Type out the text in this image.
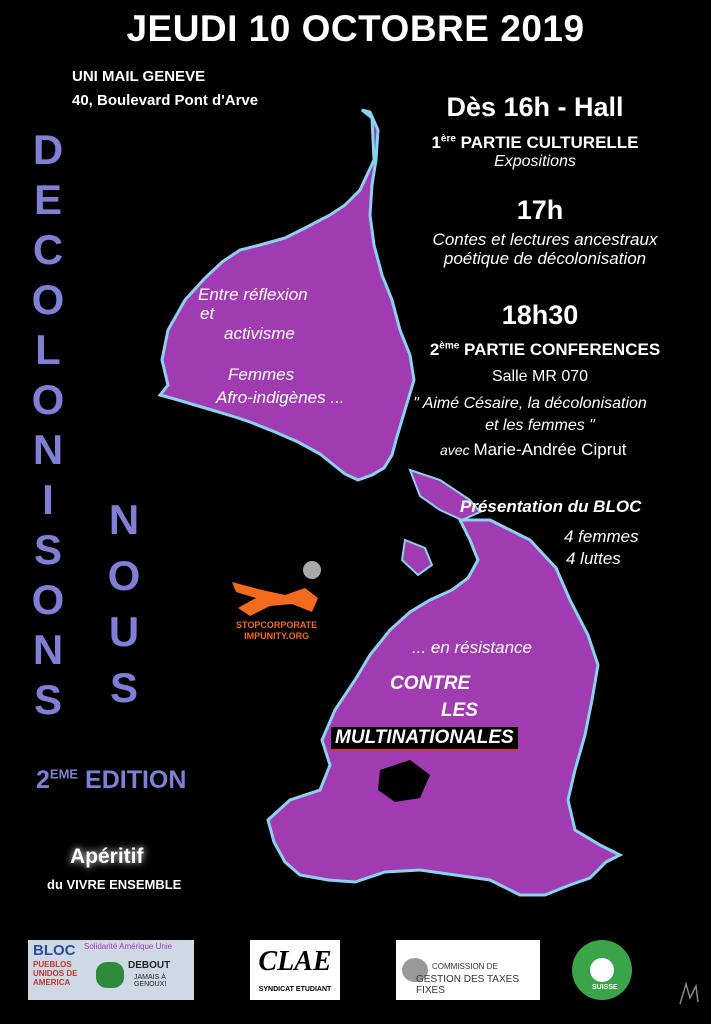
JEUDI 10 OCTOBRE 2019
UNI MAIL GENEVE
40, Boulevard Pont d'Arve
D
E
C
O
L
O
N
I
S
O
N
S
N
O
U
S
2EME EDITION
Dès 16h - Hall
1ère PARTIE CULTURELLE
Expositions
17h
Contes et lectures ancestraux
poétique de décolonisation
18h30
2ème PARTIE CONFERENCES
Salle MR 070
" Aimé Césaire, la décolonisation
et les femmes "
avec Marie-Andrée Ciprut
Présentation du BLOC
4 femmes
4 luttes
Entre réflexion
et
activisme
Femmes
Afro-indigènes ...
... en résistance
CONTRE
LES
MULTINATIONALES
STOPCORPORATE
IMPUNITY.ORG
Apéritif
du VIVRE ENSEMBLE
BLOC Solidarité Amérique Unie
PUEBLOS UNIDOS DE AMERICA
DEBOUT
JAMAIS À GENOUX!
CLAE
SYNDICAT ETUDIANT
COMMISSION DE
GESTION DES TAXES FIXES	SUISSE
